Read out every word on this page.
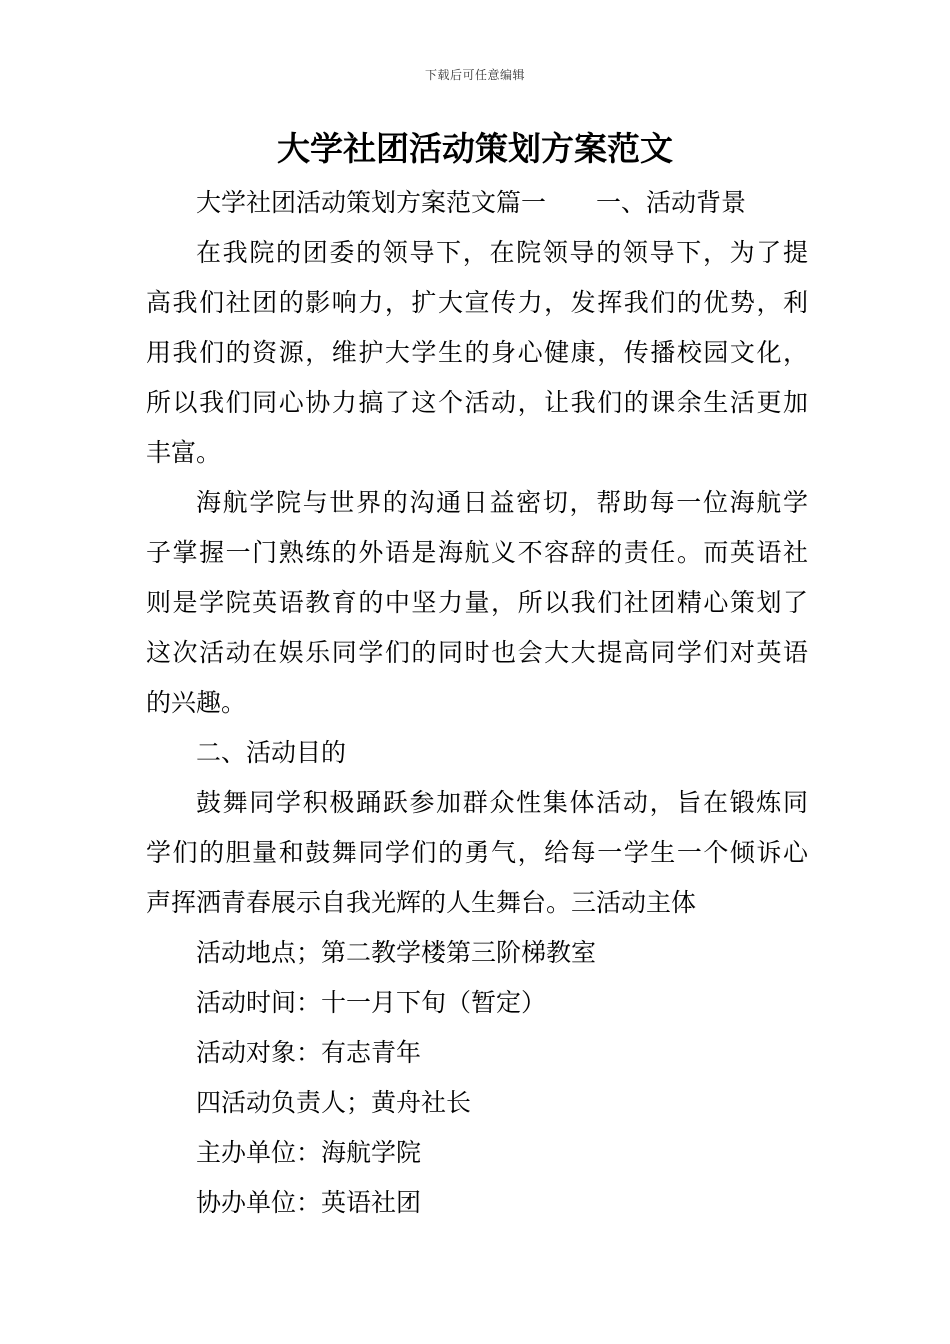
下载后可任意编辑
大学社团活动策划方案范文
大学社团活动策划方案范文篇一 一、活动背景
在我院的团委的领导下，在院领导的领导下，为了提
高我们社团的影响力，扩大宣传力，发挥我们的优势，利
用我们的资源，维护大学生的身心健康，传播校园文化，
所以我们同心协力搞了这个活动，让我们的课余生活更加
丰富。
海航学院与世界的沟通日益密切，帮助每一位海航学
子掌握一门熟练的外语是海航义不容辞的责任。而英语社
则是学院英语教育的中坚力量，所以我们社团精心策划了
这次活动在娱乐同学们的同时也会大大提高同学们对英语
的兴趣。
二、活动目的
鼓舞同学积极踊跃参加群众性集体活动，旨在锻炼同
学们的胆量和鼓舞同学们的勇气，给每一学生一个倾诉心
声挥洒青春展示自我光辉的人生舞台。三活动主体
活动地点；第二教学楼第三阶梯教室
活动时间：十一月下旬（暂定）
活动对象：有志青年
四活动负责人；黄舟社长
主办单位：海航学院
协办单位：英语社团
